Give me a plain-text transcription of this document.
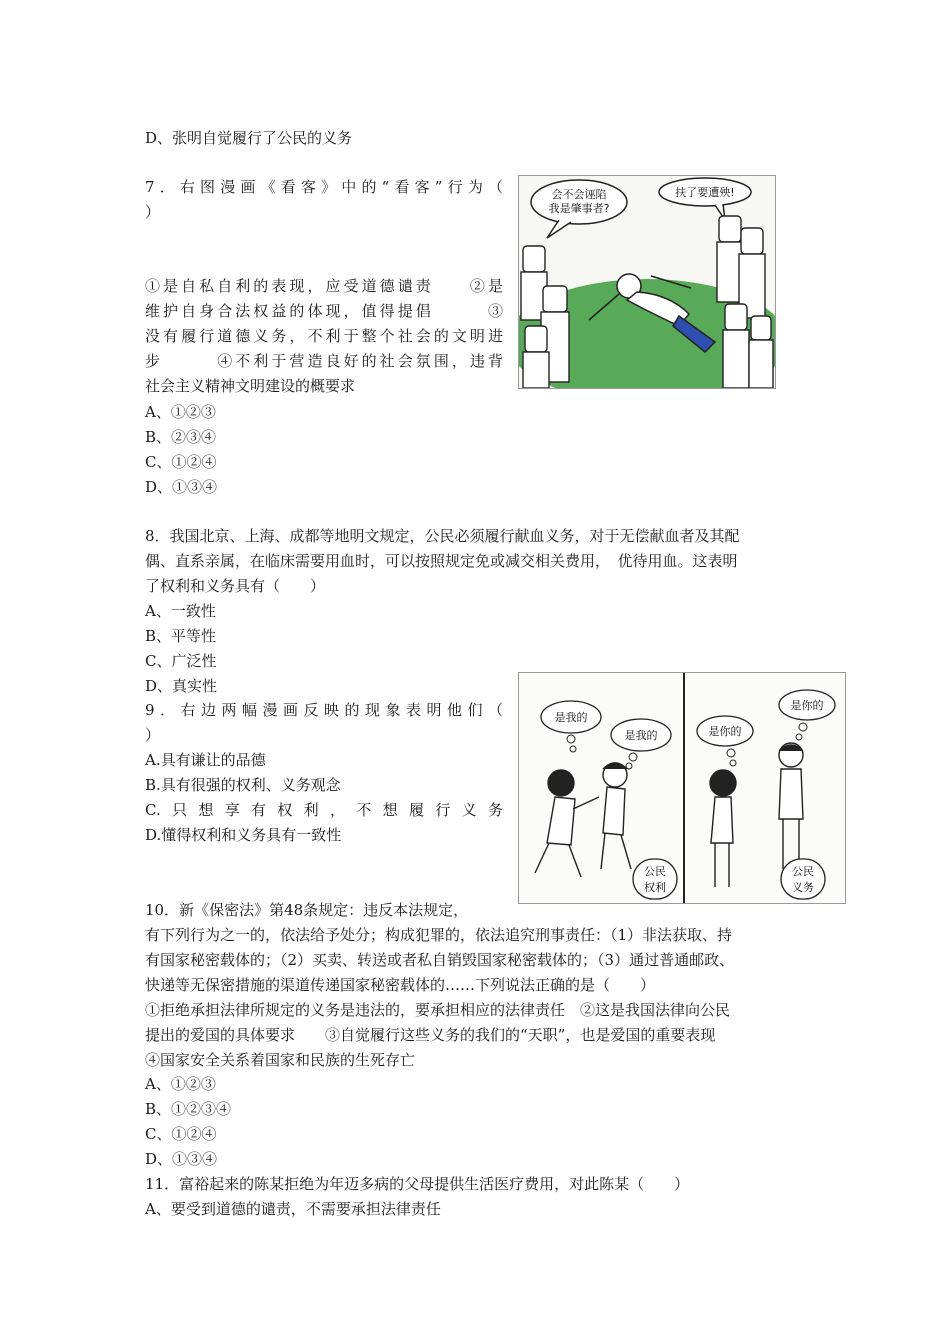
D、张明自觉履行了公民的义务
7．右图漫画《看客》中的“看客”行为（
）
①是自私自利的表现，应受道德谴责　　②是
维护自身合法权益的体现，值得提倡　　　③
没有履行道德义务，不利于整个社会的文明进
步　　　④不利于营造良好的社会氛围，违背
社会主义精神文明建设的概要求
A、①②③
B、②③④
C、①②④
D、①③④
8．我国北京、上海、成都等地明文规定，公民必须履行献血义务，对于无偿献血者及其配
偶、直系亲属，在临床需要用血时，可以按照规定免或减交相关费用，　优待用血。这表明
了权利和义务具有（　　）
A、一致性
B、平等性
C、广泛性
D、真实性
9．右边两幅漫画反映的现象表明他们（
）
A.具有谦让的品德
B.具有很强的权利、义务观念
C.只想享有权利，不想履行义务
D.懂得权利和义务具有一致性
10．新《保密法》第48条规定：违反本法规定，
有下列行为之一的，依法给予处分；构成犯罪的，依法追究刑事责任：（1）非法获取、持
有国家秘密载体的；（2）买卖、转送或者私自销毁国家秘密载体的；（3）通过普通邮政、
快递等无保密措施的渠道传递国家秘密载体的……下列说法正确的是（　　）
①拒绝承担法律所规定的义务是违法的，要承担相应的法律责任　②这是我国法律向公民
提出的爱国的具体要求　　③自觉履行这些义务的我们的“天职”，也是爱国的重要表现
④国家安全关系着国家和民族的生死存亡
A、①②③
B、①②③④
C、①②④
D、①③④
11．富裕起来的陈某拒绝为年迈多病的父母提供生活医疗费用，对此陈某（　　）
A、要受到道德的谴责，不需要承担法律责任
会不会诬陷
我是肇事者?
扶了要遭殃!
是我的
是我的
公民
权利
是你的
是你的
公民
义务
